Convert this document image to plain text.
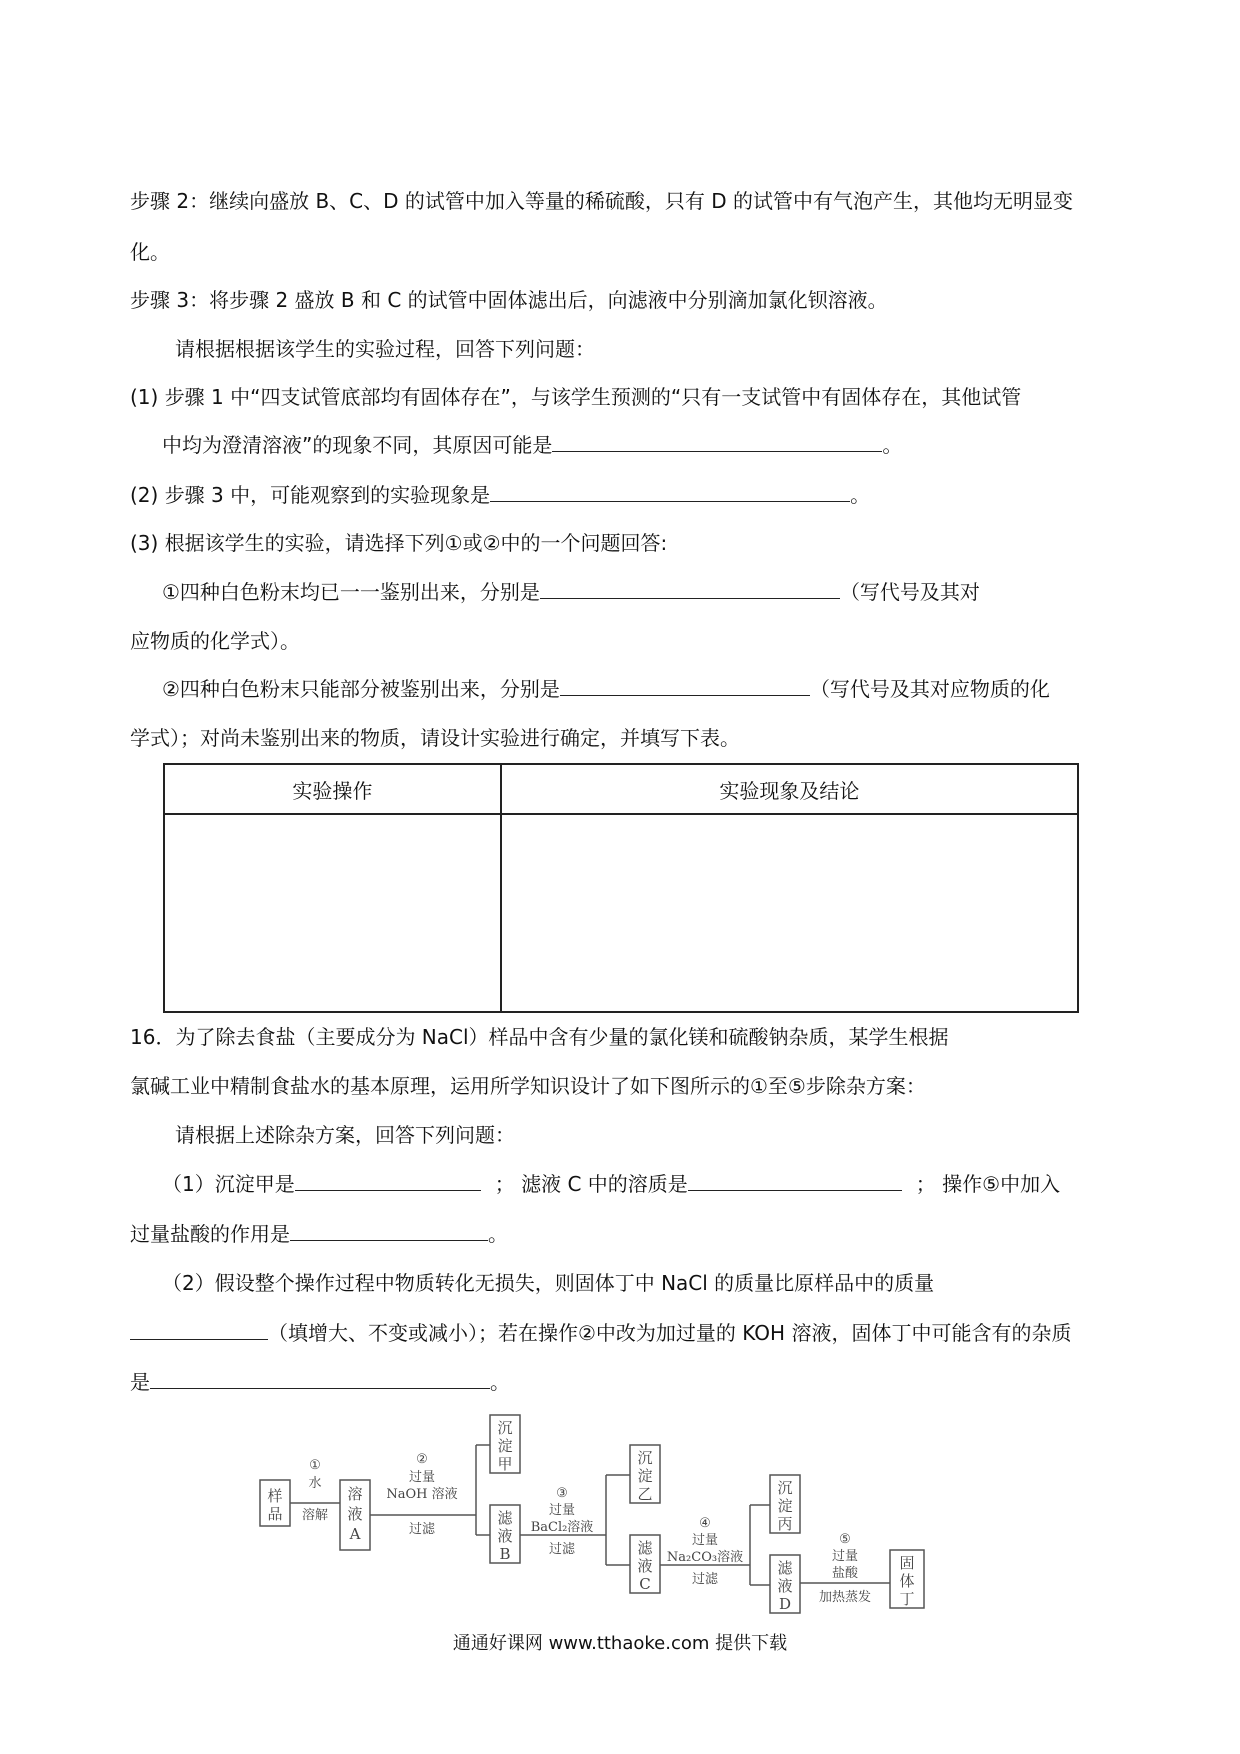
步骤 2：继续向盛放 B、C、D 的试管中加入等量的稀硫酸，只有 D 的试管中有气泡产生，其他均无明显变
化。
步骤 3：将步骤 2 盛放 B 和 C 的试管中固体滤出后，向滤液中分别滴加氯化钡溶液。
请根据根据该学生的实验过程，回答下列问题：
(1) 步骤 1 中“四支试管底部均有固体存在”，与该学生预测的“只有一支试管中有固体存在，其他试管
中均为澄清溶液”的现象不同，其原因可能是	。
(2) 步骤 3 中，可能观察到的实验现象是	。
(3) 根据该学生的实验，请选择下列①或②中的一个问题回答:
①四种白色粉末均已一一鉴别出来，分别是	（写代号及其对
应物质的化学式）。
②四种白色粉末只能部分被鉴别出来，分别是	（写代号及其对应物质的化
学式）；对尚未鉴别出来的物质，请设计实验进行确定，并填写下表。
实验操作	实验现象及结论

16．为了除去食盐（主要成分为 NaCl）样品中含有少量的氯化镁和硫酸钠杂质，某学生根据
氯碱工业中精制食盐水的基本原理，运用所学知识设计了如下图所示的①至⑤步除杂方案：
请根据上述除杂方案，回答下列问题：
（1）沉淀甲是	； 滤液 C 中的溶质是	； 操作⑤中加入
过量盐酸的作用是	。
（2）假设整个操作过程中物质转化无损失，则固体丁中 NaCl 的质量比原样品中的质量
（填增大、不变或减小）；若在操作②中改为加过量的 KOH 溶液，固体丁中可能含有的杂质
是	。
样
品
溶
液
A
沉
淀
甲
滤
液
B
沉
淀
乙
滤
液
C
沉
淀
丙
滤
液
D
固
体
丁
①
水
溶解
②
过量
NaOH 溶液
过滤
③
过量
BaCl₂溶液
过滤
④
过量
Na₂CO₃溶液
过滤
⑤
过量
盐酸
加热蒸发
通通好课网 www.tthaoke.com 提供下载
